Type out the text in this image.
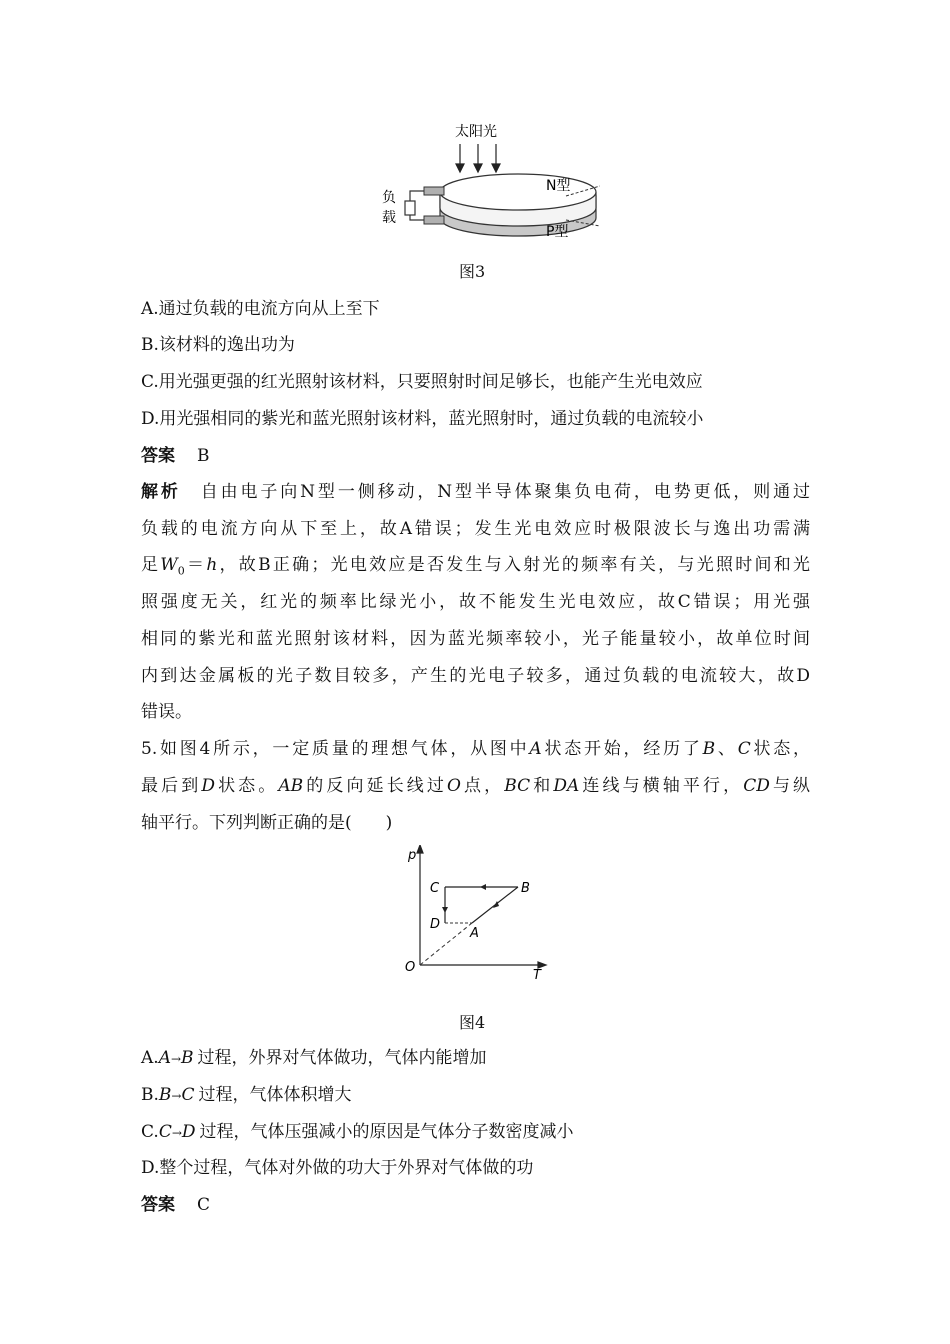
太阳光
负
载
N型
P型
图3
A.通过负载的电流方向从上至下
B.该材料的逸出功为
C.用光强更强的红光照射该材料，只要照射时间足够长，也能产生光电效应
D.用光强相同的紫光和蓝光照射该材料，蓝光照射时，通过负载的电流较小
答案 B
解析 自由电子向N型一侧移动，N型半导体聚集负电荷，电势更低，则通过
负载的电流方向从下至上，故A错误；发生光电效应时极限波长与逸出功需满
足$W_0=h$，故B正确；光电效应是否发生与入射光的频率有关，与光照时间和光
照强度无关，红光的频率比绿光小，故不能发生光电效应，故C错误；用光强
相同的紫光和蓝光照射该材料，因为蓝光频率较小，光子能量较小，故单位时间
内到达金属板的光子数目较多，产生的光电子较多，通过负载的电流较大，故D
错误。
5.如图4所示，一定质量的理想气体，从图中A状态开始，经历了B、C状态，
最后到D状态。AB的反向延长线过O点，BC和DA连线与横轴平行，CD与纵
轴平行。下列判断正确的是(　　)
p
T
O
A
B
C
D
图4
A.A→B 过程，外界对气体做功，气体内能增加
B.B→C 过程，气体体积增大
C.C→D 过程，气体压强减小的原因是气体分子数密度减小
D.整个过程，气体对外做的功大于外界对气体做的功
答案 C
